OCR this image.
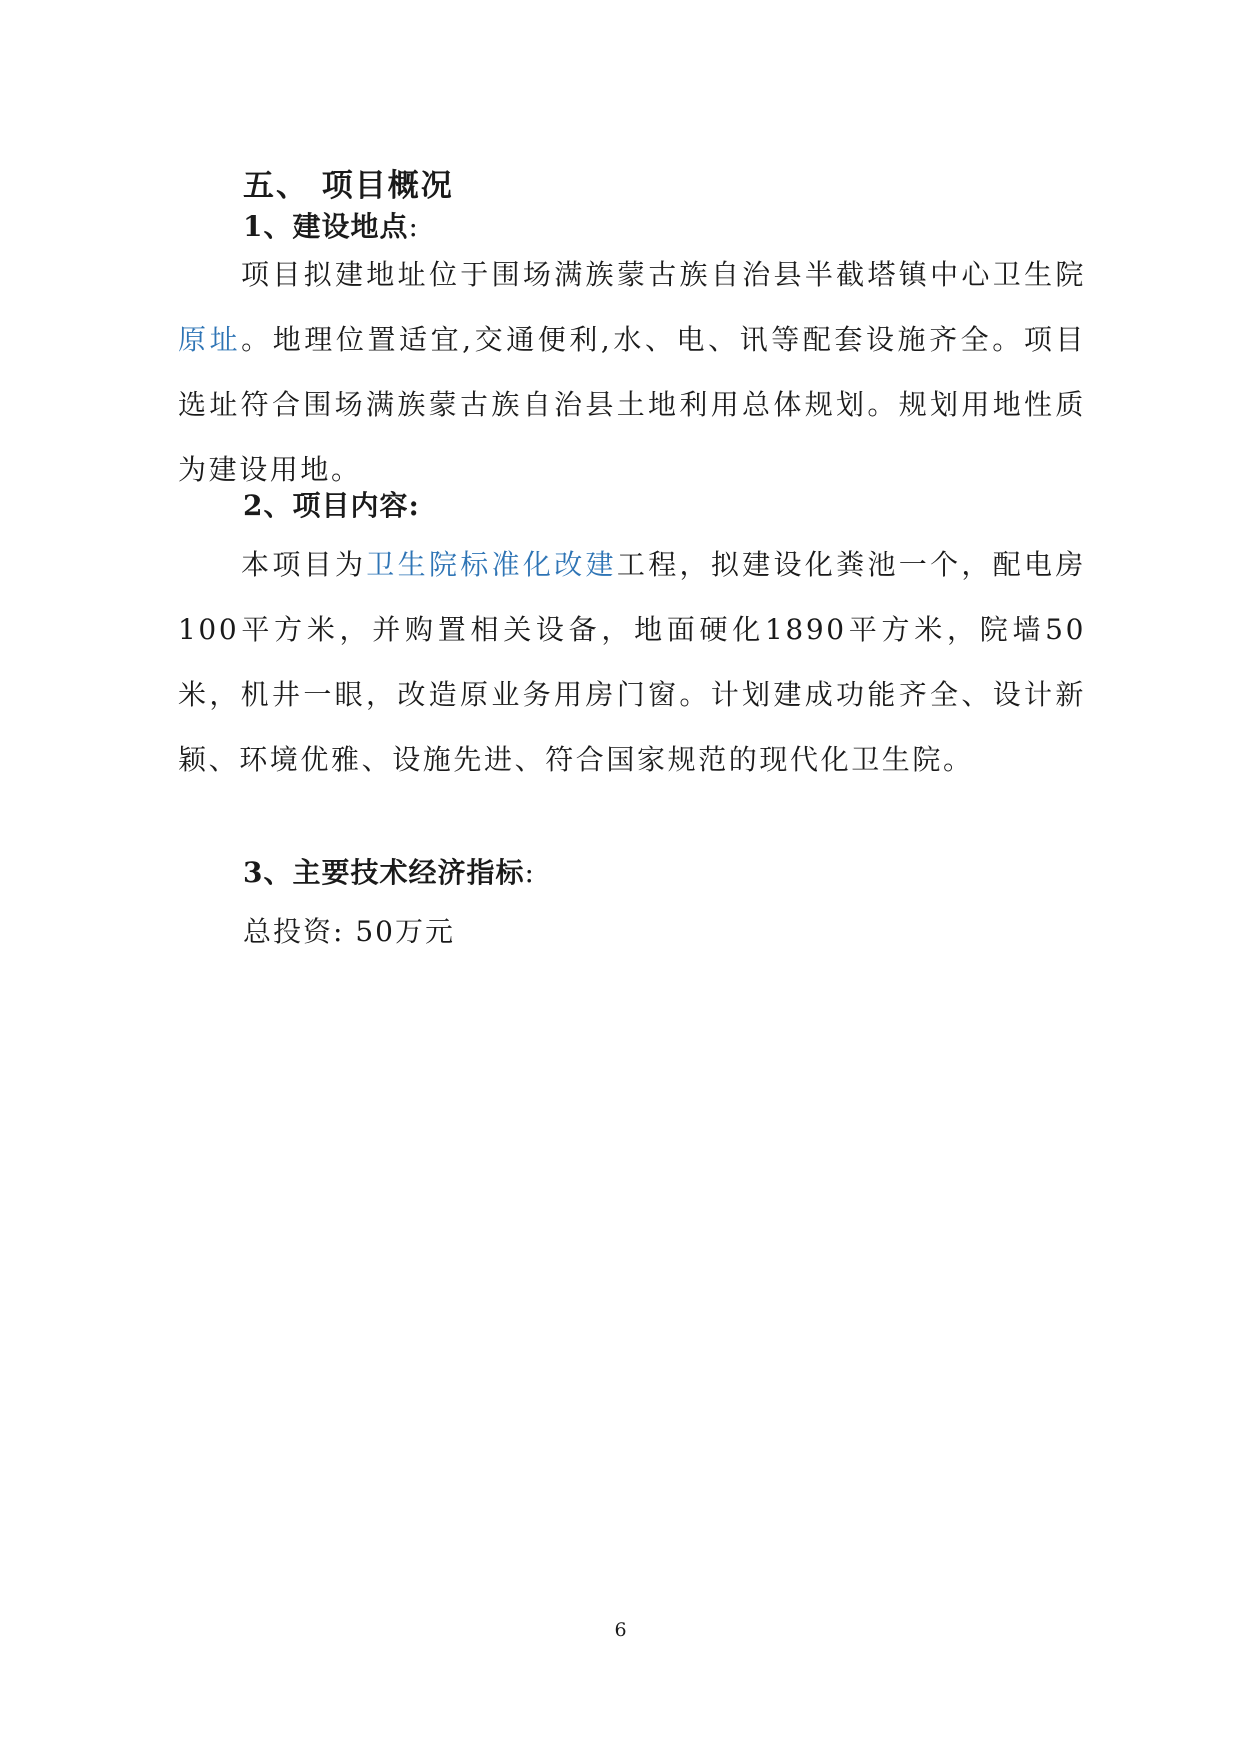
五、 项目概况
1、建设地点:
项目拟建地址位于围场满族蒙古族自治县半截塔镇中心卫生院原址。地理位置适宜,交通便利,水、电、讯等配套设施齐全。项目选址符合围场满族蒙古族自治县土地利用总体规划。规划用地性质为建设用地。
2、项目内容:
本项目为卫生院标准化改建工程，拟建设化粪池一个，配电房100平方米，并购置相关设备，地面硬化1890平方米，院墙50米，机井一眼，改造原业务用房门窗。计划建成功能齐全、设计新颖、环境优雅、设施先进、符合国家规范的现代化卫生院。
3、主要技术经济指标:
总投资: 50万元
6
